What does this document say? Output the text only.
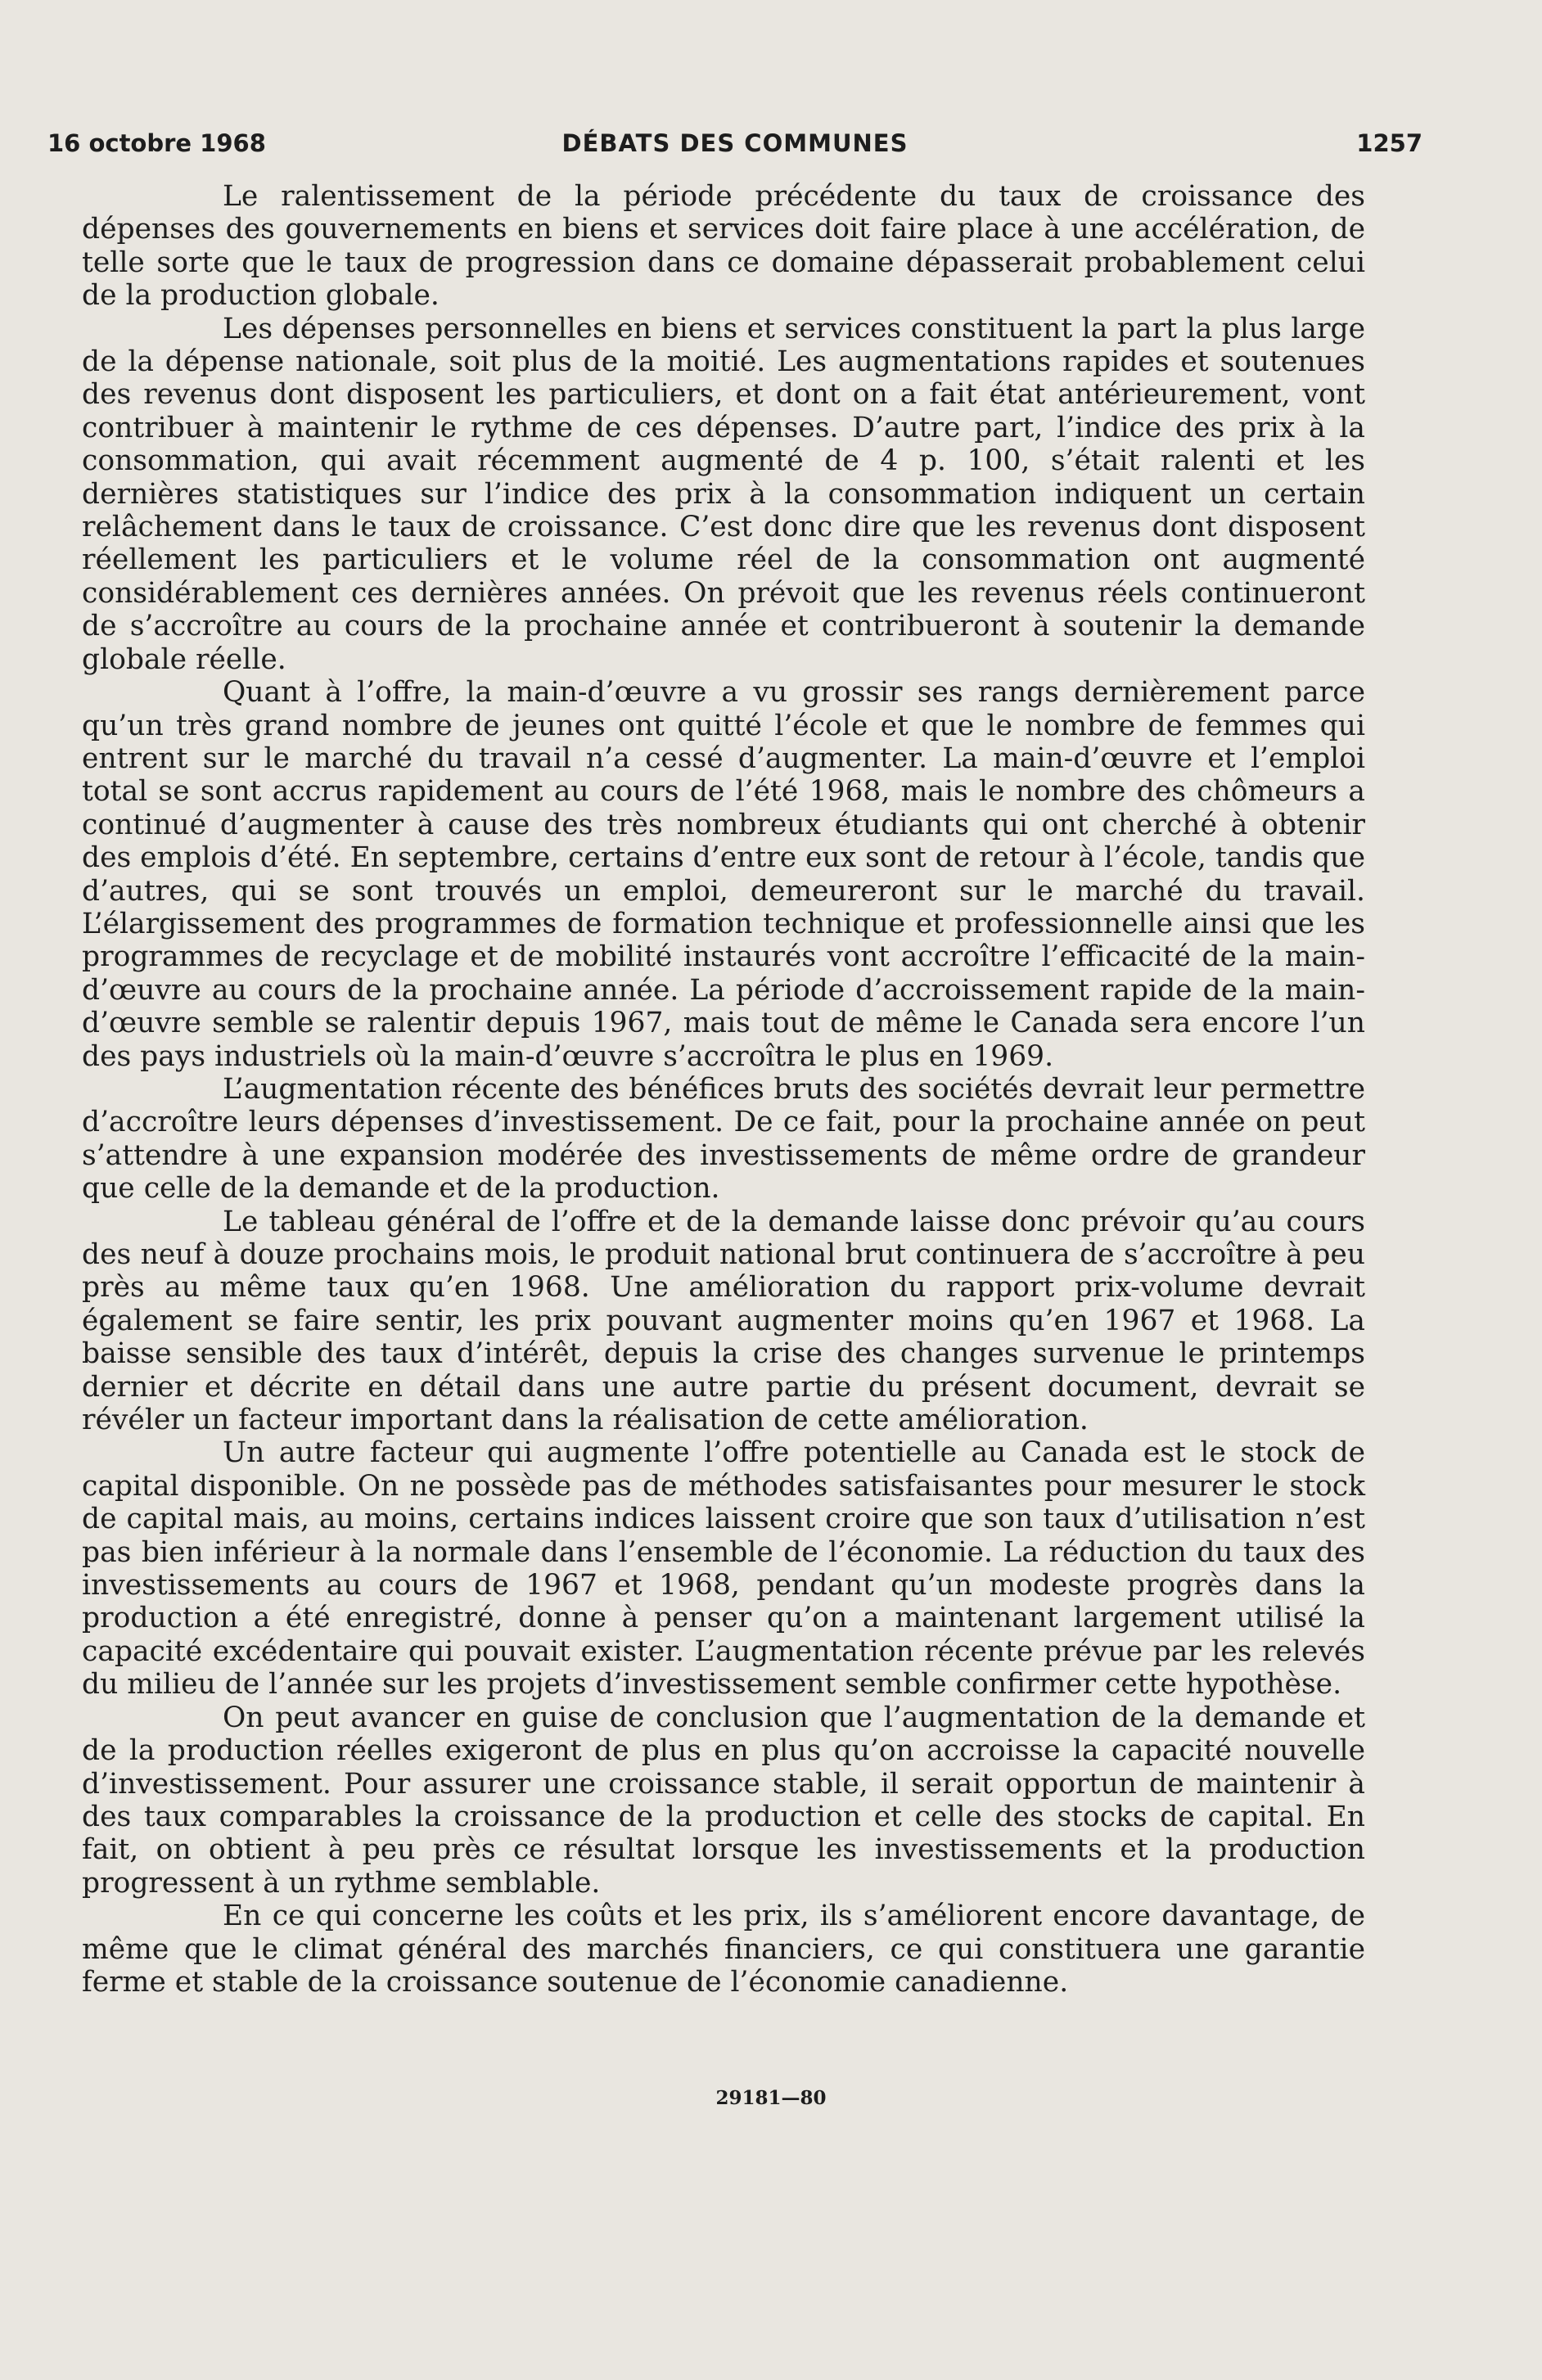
16 octobre 1968	DÉBATS DES COMMUNES	1257

Le ralentissement de la période précédente du taux de croissance des dépenses des gouvernements en biens et services doit faire place à une accélération, de telle sorte que le taux de progression dans ce domaine dépasserait probablement celui de la production globale.

Les dépenses personnelles en biens et services constituent la part la plus large de la dépense nationale, soit plus de la moitié. Les augmentations rapides et soutenues des revenus dont disposent les particuliers, et dont on a fait état antérieurement, vont contribuer à maintenir le rythme de ces dépenses. D’autre part, l’indice des prix à la consommation, qui avait récemment augmenté de 4 p. 100, s’était ralenti et les dernières statistiques sur l’indice des prix à la consommation indiquent un certain relâchement dans le taux de croissance. C’est donc dire que les revenus dont disposent réellement les particuliers et le volume réel de la consommation ont augmenté considérablement ces dernières années. On prévoit que les revenus réels continueront de s’accroître au cours de la prochaine année et contribueront à soutenir la demande globale réelle.

Quant à l’offre, la main-d’œuvre a vu grossir ses rangs dernièrement parce qu’un très grand nombre de jeunes ont quitté l’école et que le nombre de femmes qui entrent sur le marché du travail n’a cessé d’augmenter. La main-d’œuvre et l’emploi total se sont accrus rapidement au cours de l’été 1968, mais le nombre des chômeurs a continué d’augmenter à cause des très nombreux étudiants qui ont cherché à obtenir des emplois d’été. En septembre, certains d’entre eux sont de retour à l’école, tandis que d’autres, qui se sont trouvés un emploi, demeureront sur le marché du travail. L’élargissement des programmes de formation technique et professionnelle ainsi que les programmes de recyclage et de mobilité instaurés vont accroître l’efficacité de la main-d’œuvre au cours de la prochaine année. La période d’accroissement rapide de la main-d’œuvre semble se ralentir depuis 1967, mais tout de même le Canada sera encore l’un des pays industriels où la main-d’œuvre s’accroîtra le plus en 1969.

L’augmentation récente des bénéfices bruts des sociétés devrait leur permettre d’accroître leurs dépenses d’investissement. De ce fait, pour la prochaine année on peut s’attendre à une expansion modérée des investissements de même ordre de grandeur que celle de la demande et de la production.

Le tableau général de l’offre et de la demande laisse donc prévoir qu’au cours des neuf à douze prochains mois, le produit national brut continuera de s’accroître à peu près au même taux qu’en 1968. Une amélioration du rapport prix-volume devrait également se faire sentir, les prix pouvant augmenter moins qu’en 1967 et 1968. La baisse sensible des taux d’intérêt, depuis la crise des changes survenue le printemps dernier et décrite en détail dans une autre partie du présent document, devrait se révéler un facteur important dans la réalisation de cette amélioration.

Un autre facteur qui augmente l’offre potentielle au Canada est le stock de capital disponible. On ne possède pas de méthodes satisfaisantes pour mesurer le stock de capital mais, au moins, certains indices laissent croire que son taux d’utilisation n’est pas bien inférieur à la normale dans l’ensemble de l’économie. La réduction du taux des investissements au cours de 1967 et 1968, pendant qu’un modeste progrès dans la production a été enregistré, donne à penser qu’on a maintenant largement utilisé la capacité excédentaire qui pouvait exister. L’augmentation récente prévue par les relevés du milieu de l’année sur les projets d’investissement semble confirmer cette hypothèse.

On peut avancer en guise de conclusion que l’augmentation de la demande et de la production réelles exigeront de plus en plus qu’on accroisse la capacité nouvelle d’investissement. Pour assurer une croissance stable, il serait opportun de maintenir à des taux comparables la croissance de la production et celle des stocks de capital. En fait, on obtient à peu près ce résultat lorsque les investissements et la production progressent à un rythme semblable.

En ce qui concerne les coûts et les prix, ils s’améliorent encore davantage, de même que le climat général des marchés financiers, ce qui constituera une garantie ferme et stable de la croissance soutenue de l’économie canadienne.

29181—80
